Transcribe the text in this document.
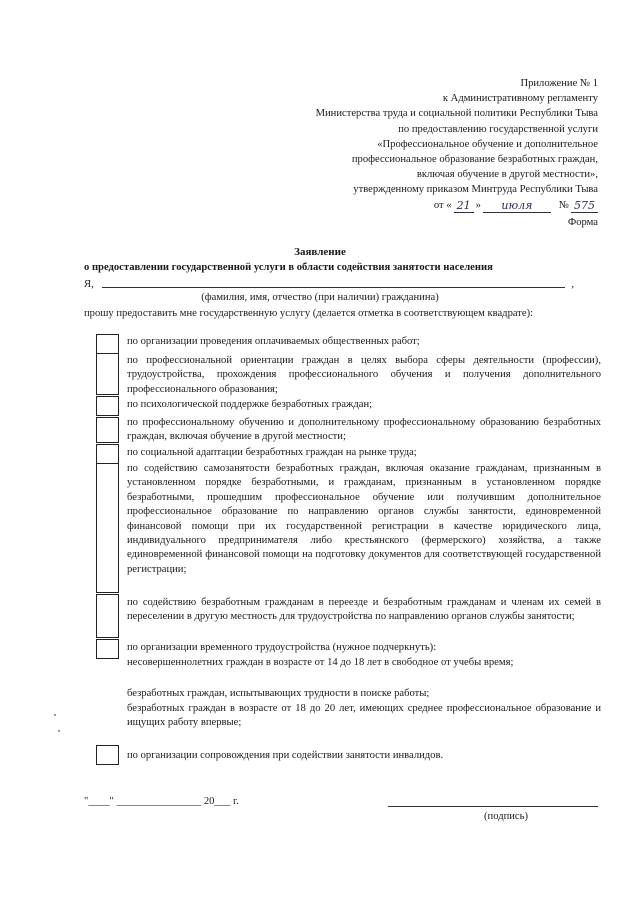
Приложение № 1
к Административному регламенту
Министерства труда и социальной политики Республики Тыва
по предоставлению государственной услуги
«Профессиональное обучение и дополнительное
профессиональное образование безработных граждан,
включая обучение в другой местности»,
утвержденному приказом Минтруда Республики Тыва
от « 21 »	июля	№ 575
Форма
Заявление
о предоставлении государственной услуги в области содействия занятости населения
Я,	,
(фамилия, имя, отчество (при наличии) гражданина)
прошу предоставить мне государственную услугу (делается отметка в соответствующем квадрате):
по организации проведения оплачиваемых общественных работ;
по профессиональной ориентации граждан в целях выбора сферы деятельности (профессии), трудоустройства, прохождения профессионального обучения и получения дополнительного профессионального образования;
по психологической поддержке безработных граждан;
по профессиональному обучению и дополнительному профессиональному образованию безработных граждан, включая обучение в другой местности;
по социальной адаптации безработных граждан на рынке труда;
по содействию самозанятости безработных граждан, включая оказание гражданам, признанным в установленном порядке безработными, и гражданам, признанным в установленном порядке безработными, прошедшим профессиональное обучение или получившим дополнительное профессиональное образование по направлению органов службы занятости, единовременной финансовой помощи при их государственной регистрации в качестве юридического лица, индивидуального предпринимателя либо крестьянского (фермерского) хозяйства, а также единовременной финансовой помощи на подготовку документов для соответствующей государственной регистрации;
по содействию безработным гражданам в переезде и безработным гражданам и членам их семей в переселении в другую местность для трудоустройства по направлению органов службы занятости;
по организации временного трудоустройства (нужное подчеркнуть):
несовершеннолетних граждан в возрасте от 14 до 18 лет в свободное от учебы время;
безработных граждан, испытывающих трудности в поиске работы;
безработных граждан в возрасте от 18 до 20 лет, имеющих среднее профессиональное образование и ищущих работу впервые;
по организации сопровождения при содействии занятости инвалидов.
"____" ________________ 20___ г.
(подпись)
